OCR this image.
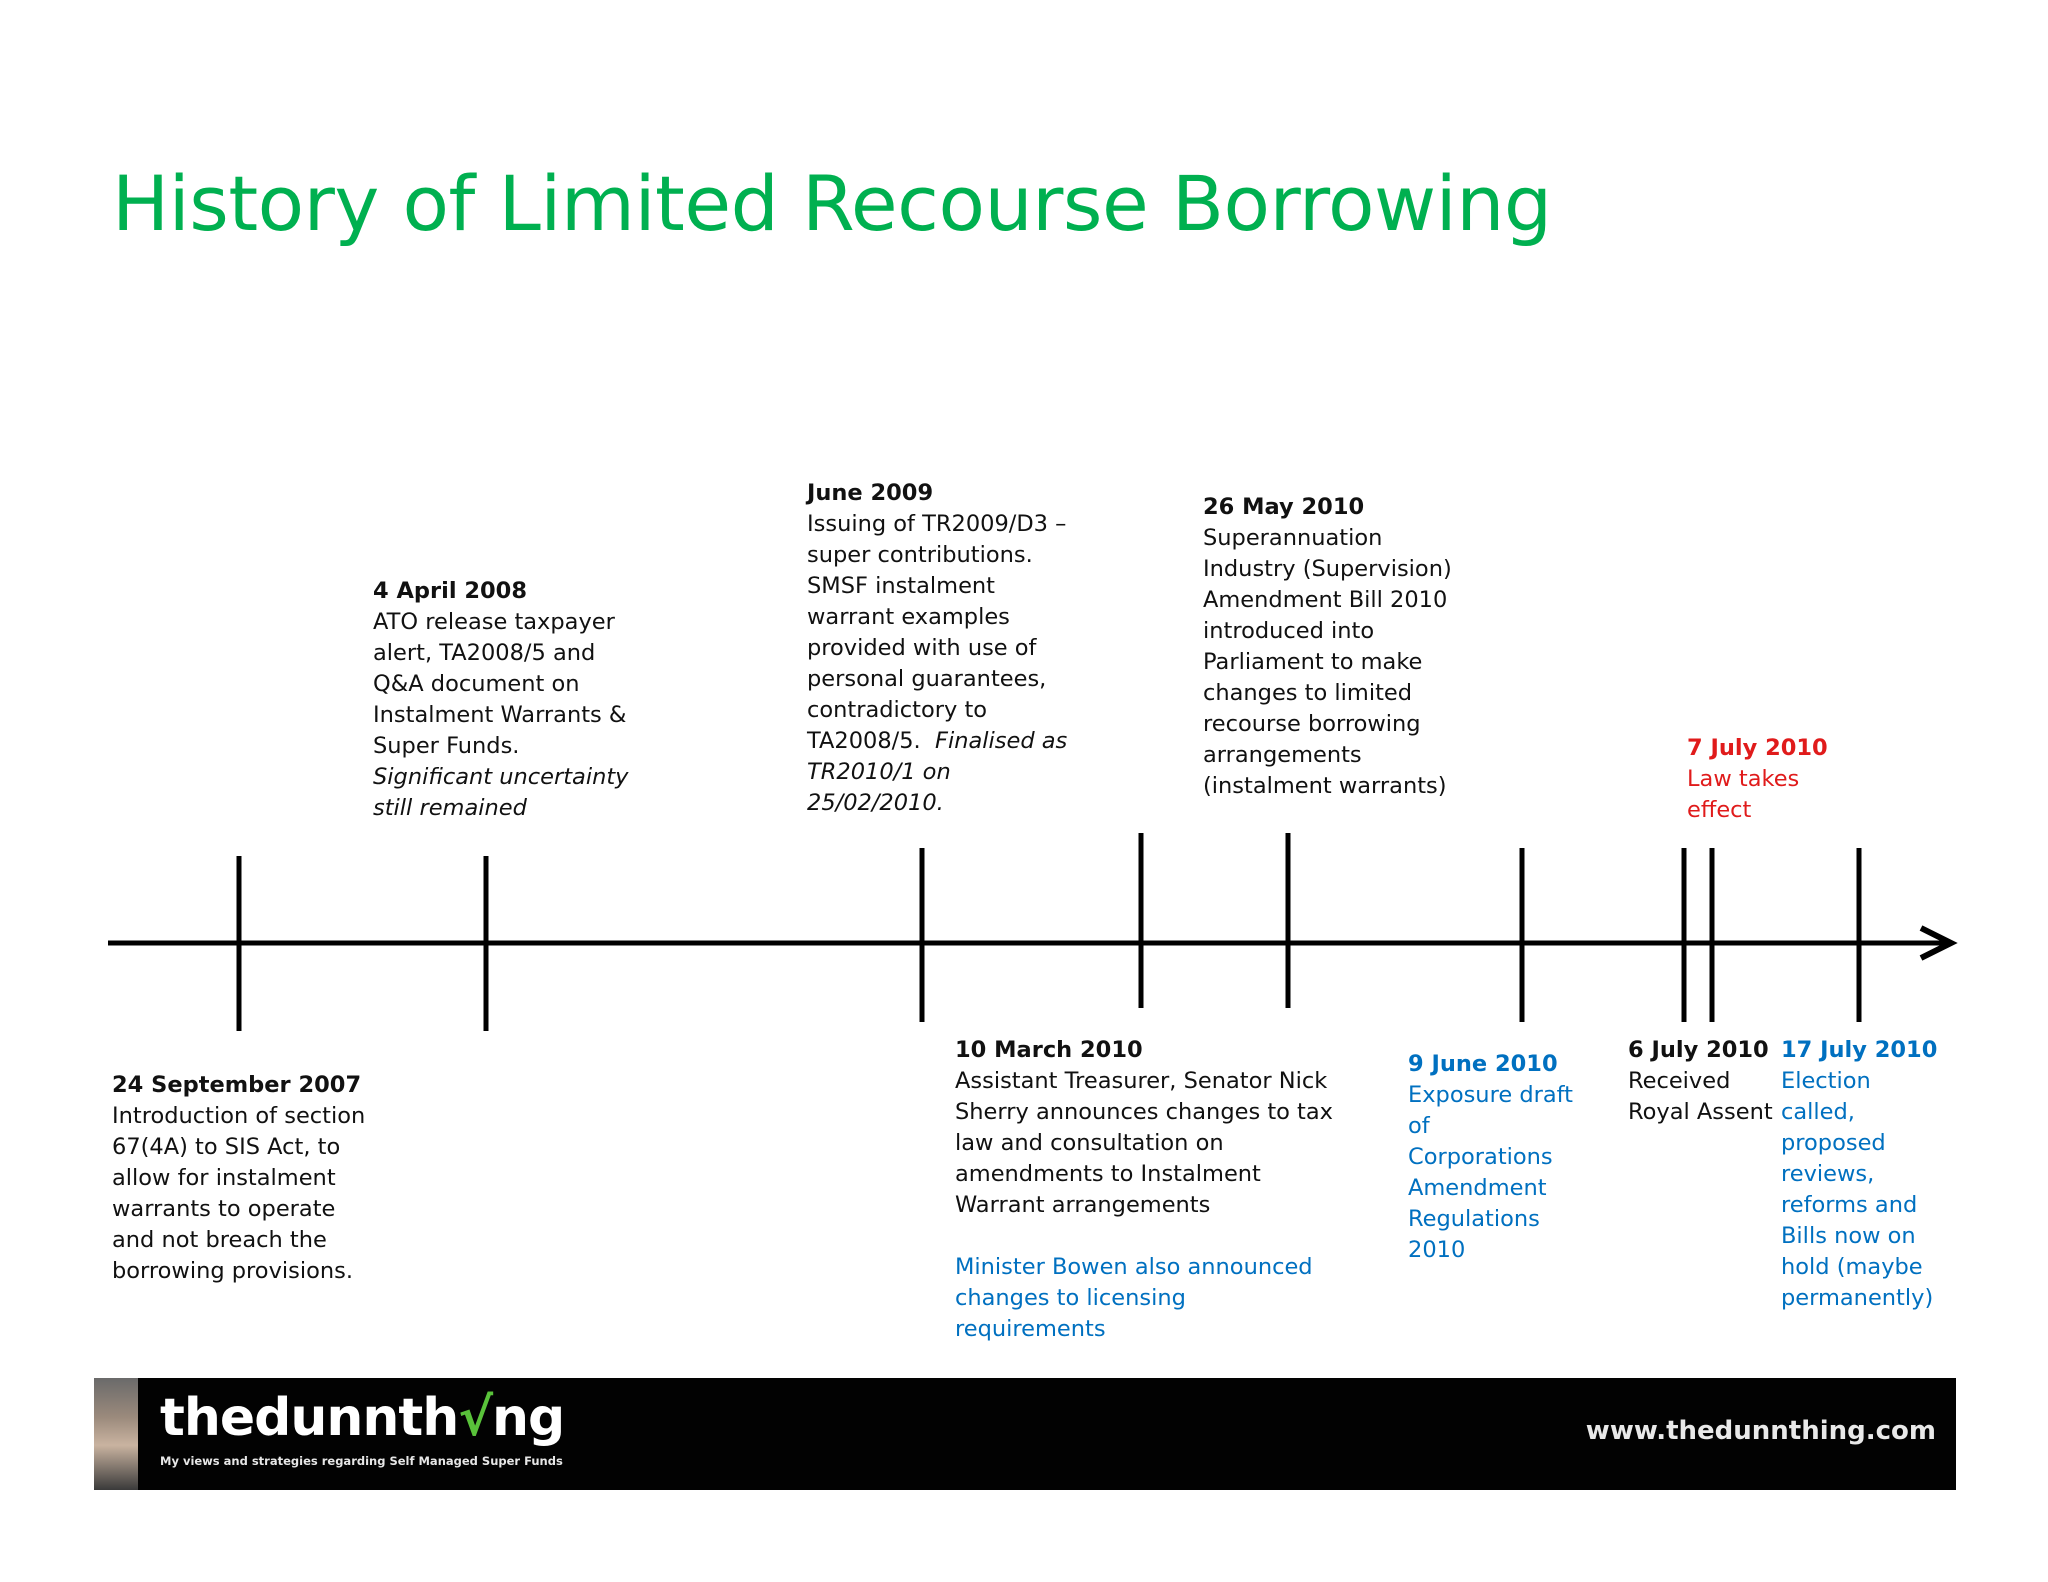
History of Limited Recourse Borrowing
24 September 2007
Introduction of section
67(4A) to SIS Act, to
allow for instalment
warrants to operate
and not breach the
borrowing provisions.
4 April 2008
ATO release taxpayer
alert, TA2008/5 and
Q&A document on
Instalment Warrants &
Super Funds.
Significant uncertainty
still remained
June 2009
Issuing of TR2009/D3 –
super contributions.
SMSF instalment
warrant examples
provided with use of
personal guarantees,
contradictory to
TA2008/5.  Finalised as
TR2010/1 on
25/02/2010.
10 March 2010
Assistant Treasurer, Senator Nick
Sherry announces changes to tax
law and consultation on
amendments to Instalment
Warrant arrangements
Minister Bowen also announced
changes to licensing
requirements
26 May 2010
Superannuation
Industry (Supervision)
Amendment Bill 2010
introduced into
Parliament to make
changes to limited
recourse borrowing
arrangements
(instalment warrants)
9 June 2010
Exposure draft
of
Corporations
Amendment
Regulations
2010
6 July 2010
Received
Royal Assent
7 July 2010
Law takes
effect
17 July 2010
Election
called,
proposed
reviews,
reforms and
Bills now on
hold (maybe
permanently)
thedunnth√ng
My views and strategies regarding Self Managed Super Funds
www.thedunnthing.com
